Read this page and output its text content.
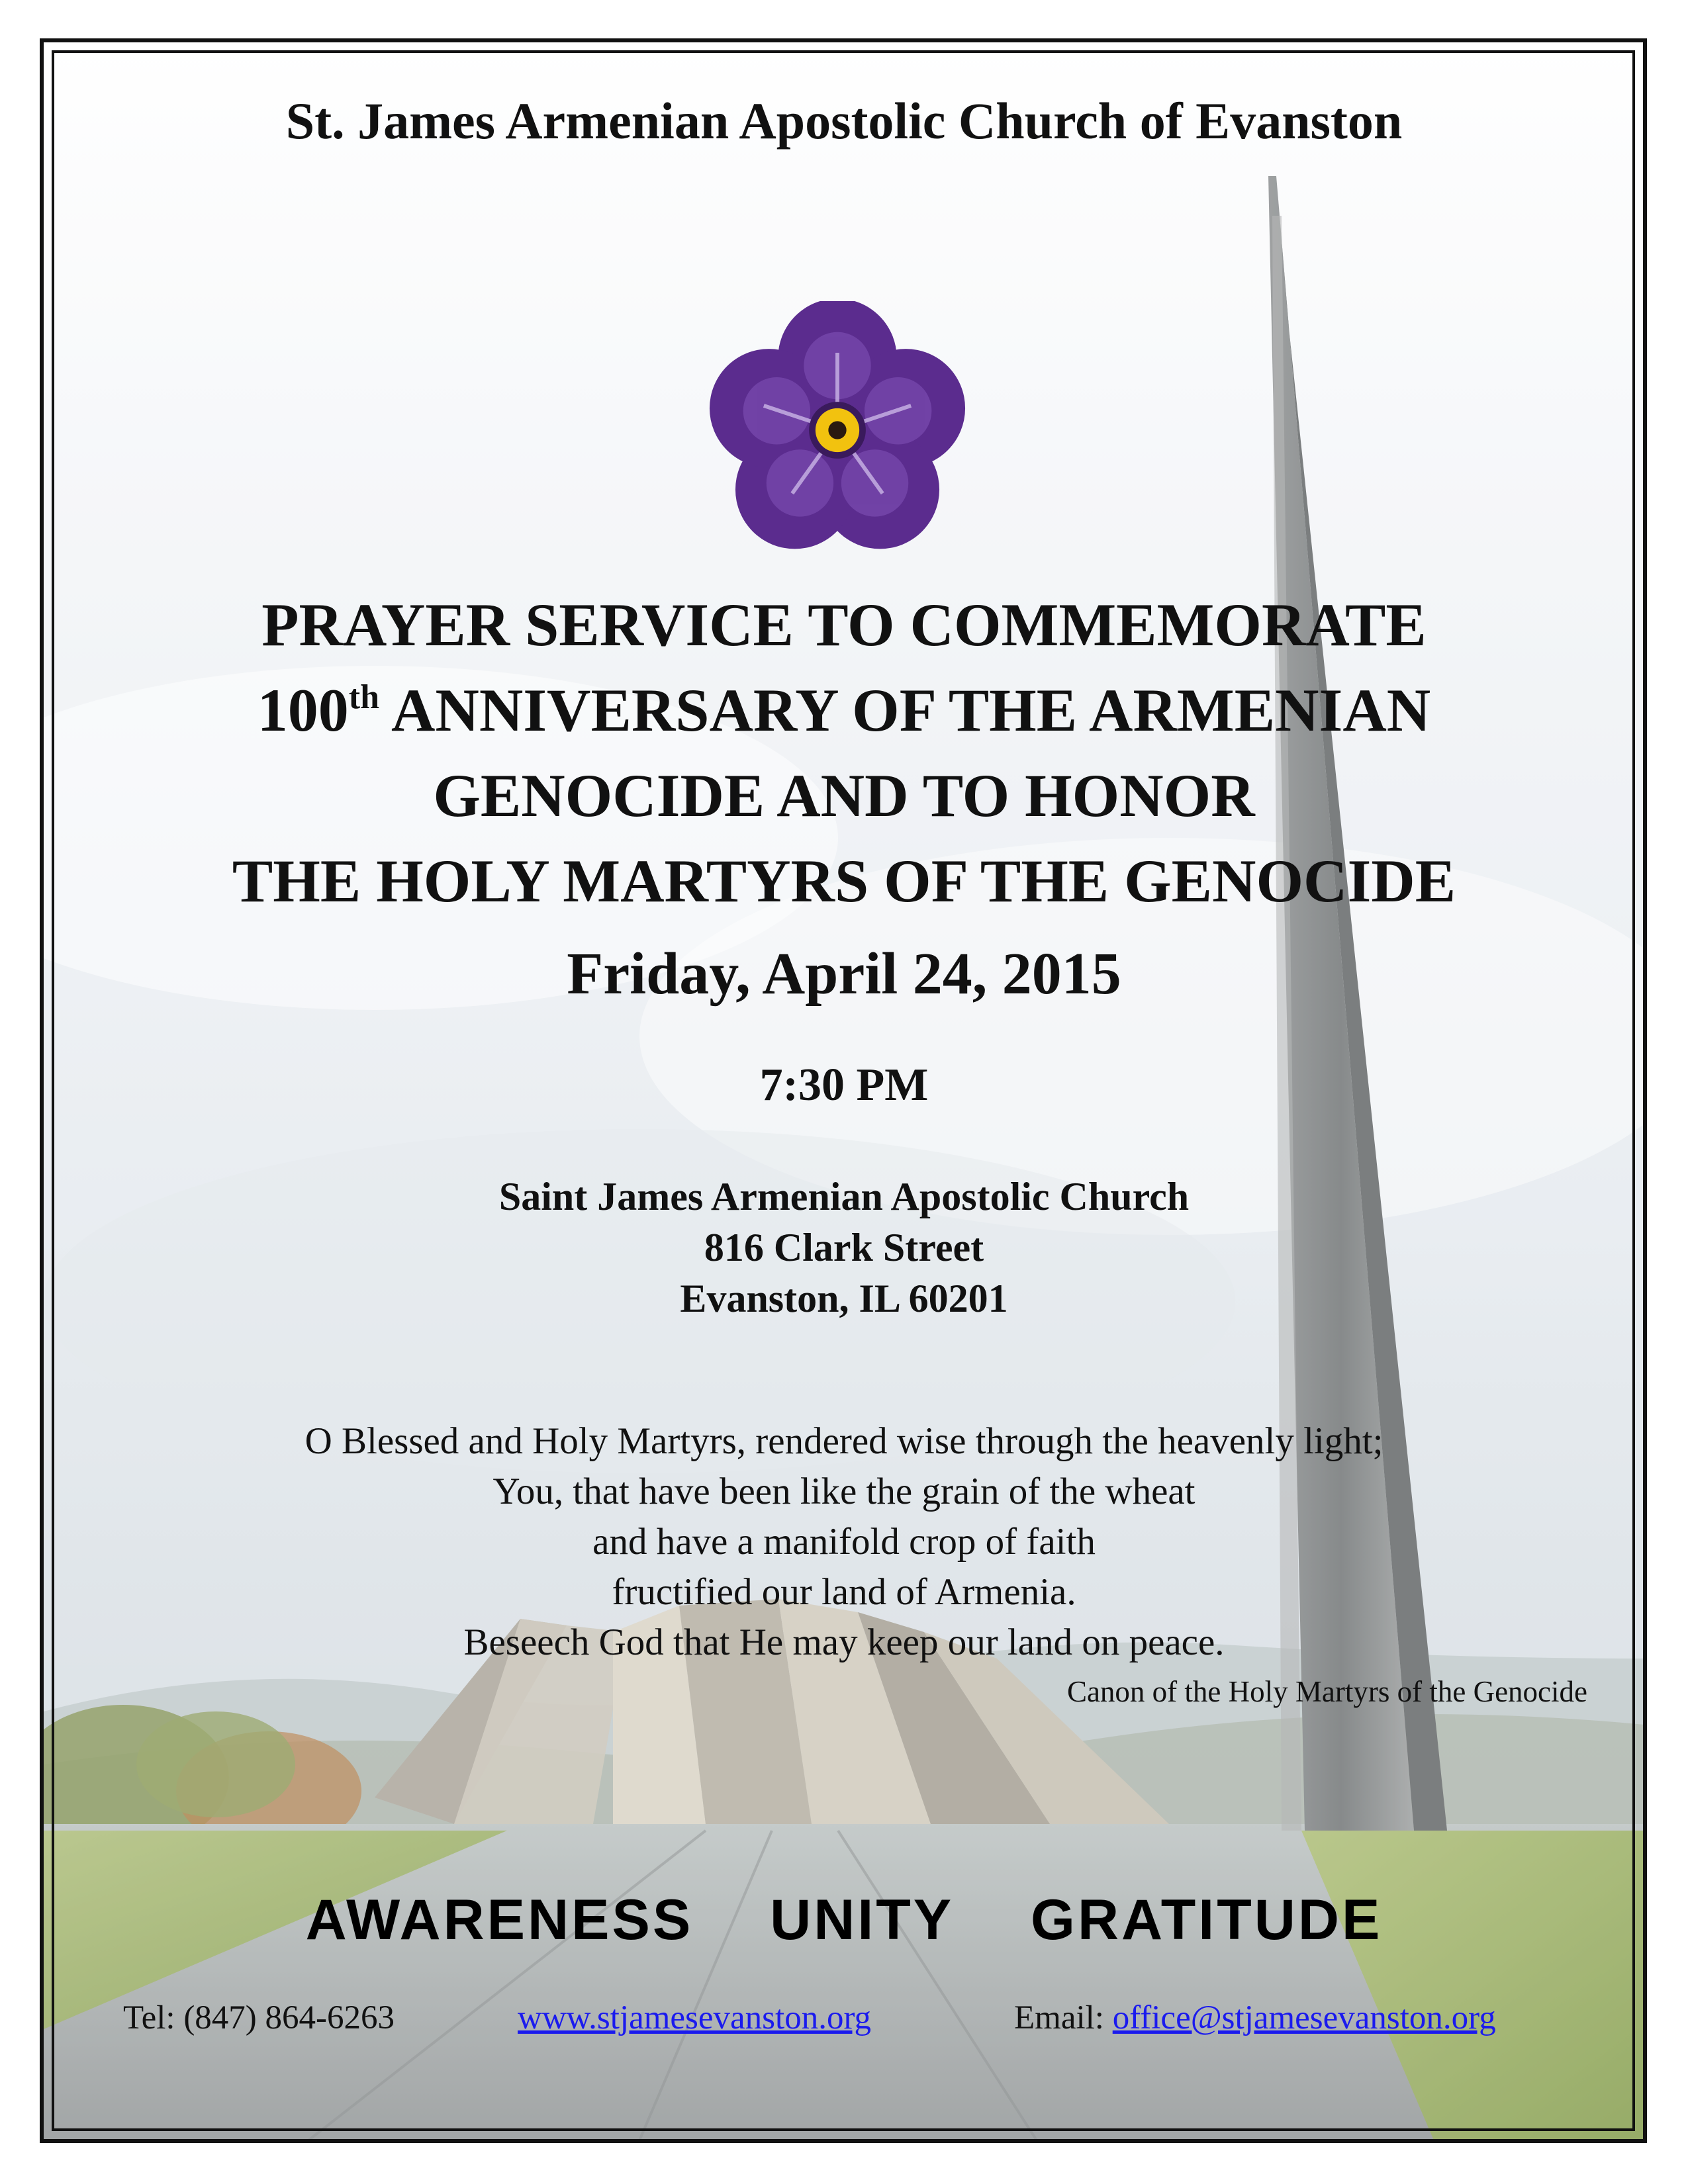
St. James Armenian Apostolic Church of Evanston
PRAYER SERVICE TO COMMEMORATE
100th ANNIVERSARY OF THE ARMENIAN
GENOCIDE AND TO HONOR
THE HOLY MARTYRS OF THE GENOCIDE
Friday, April 24, 2015
7:30 PM
Saint James Armenian Apostolic Church
816 Clark Street
Evanston, IL 60201
O Blessed and Holy Martyrs, rendered wise through the heavenly light;
You, that have been like the grain of the wheat
and have a manifold crop of faith
fructified our land of Armenia.
Beseech God that He may keep our land on peace.
Canon of the Holy Martyrs of the Genocide
AWARENESS UNITY GRATITUDE
Tel: (847) 864-6263	www.stjamesevanston.org	Email: office@stjamesevanston.org
